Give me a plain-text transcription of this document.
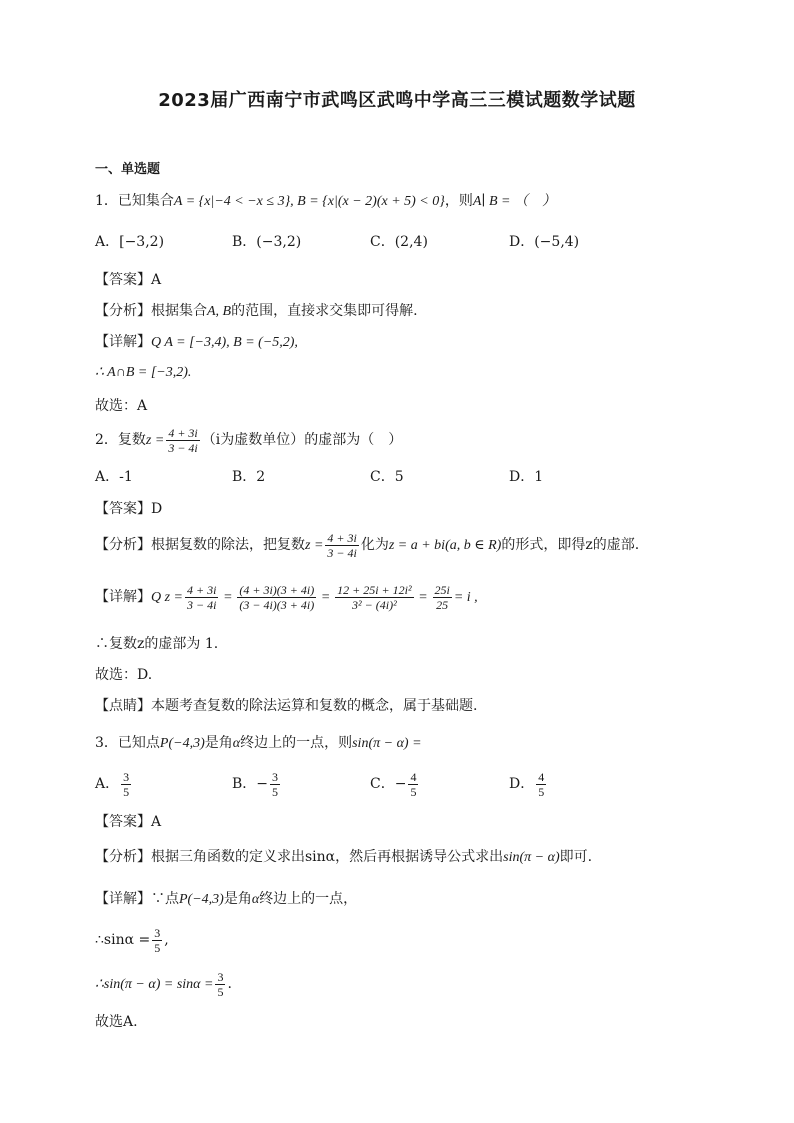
2023届广西南宁市武鸣区武鸣中学高三三模试题数学试题
一、单选题
1．已知集合A = {x|−4 < −x ≤ 3}, B = {x|(x − 2)(x + 5) < 0}，则A∣ B = （　）
A．[−3,2)	B．(−3,2)	C．(2,4)	D．(−5,4)
【答案】A
【分析】根据集合A, B的范围，直接求交集即可得解.
【详解】Q A = [−3,4), B = (−5,2),
∴ A∩B = [−3,2).
故选：A
2．复数$z = \frac{4 + 3i}{3 - 4i} (i$为虚数单位）的虚部为（　）
A．-1	B．2	C．5	D．1
【答案】D
【分析】根据复数的除法，把复数$z = \frac{4 + 3i}{3 - 4i}$ 化为z = a + bi(a, b ∈ R)的形式，即得z的虚部.
【详解】Q $z = \frac{4 + 3i}{3 - 4i} = \frac{(4 + 3i)(3 + 4i)}{(3 - 4i)(3 + 4i)} = \frac{\text{12 + 25i + 12i²}}{\text{3² − (4i)²}} = \frac{25i}{25} = i$ ,
∴复数z的虚部为 1.
故选：D.
【点睛】本题考查复数的除法运算和复数的概念，属于基础题.
3．已知点P(−4,3)是角α终边上的一点，则sin(π − α) =
A． $\frac{3}{5}$	B．− $\frac{3}{5}$	C．− $\frac{4}{5}$	D． $\frac{4}{5}$
【答案】A
【分析】根据三角函数的定义求出sinα，然后再根据诱导公式求出sin(π − α)即可.
【详解】∵点P(−4,3)是角α终边上的一点，
∴sinα = $\frac{3}{5}$ ,
∴sin(π − $\alpha) = \sin\alpha = \frac{3}{5}$ .
故选A.
